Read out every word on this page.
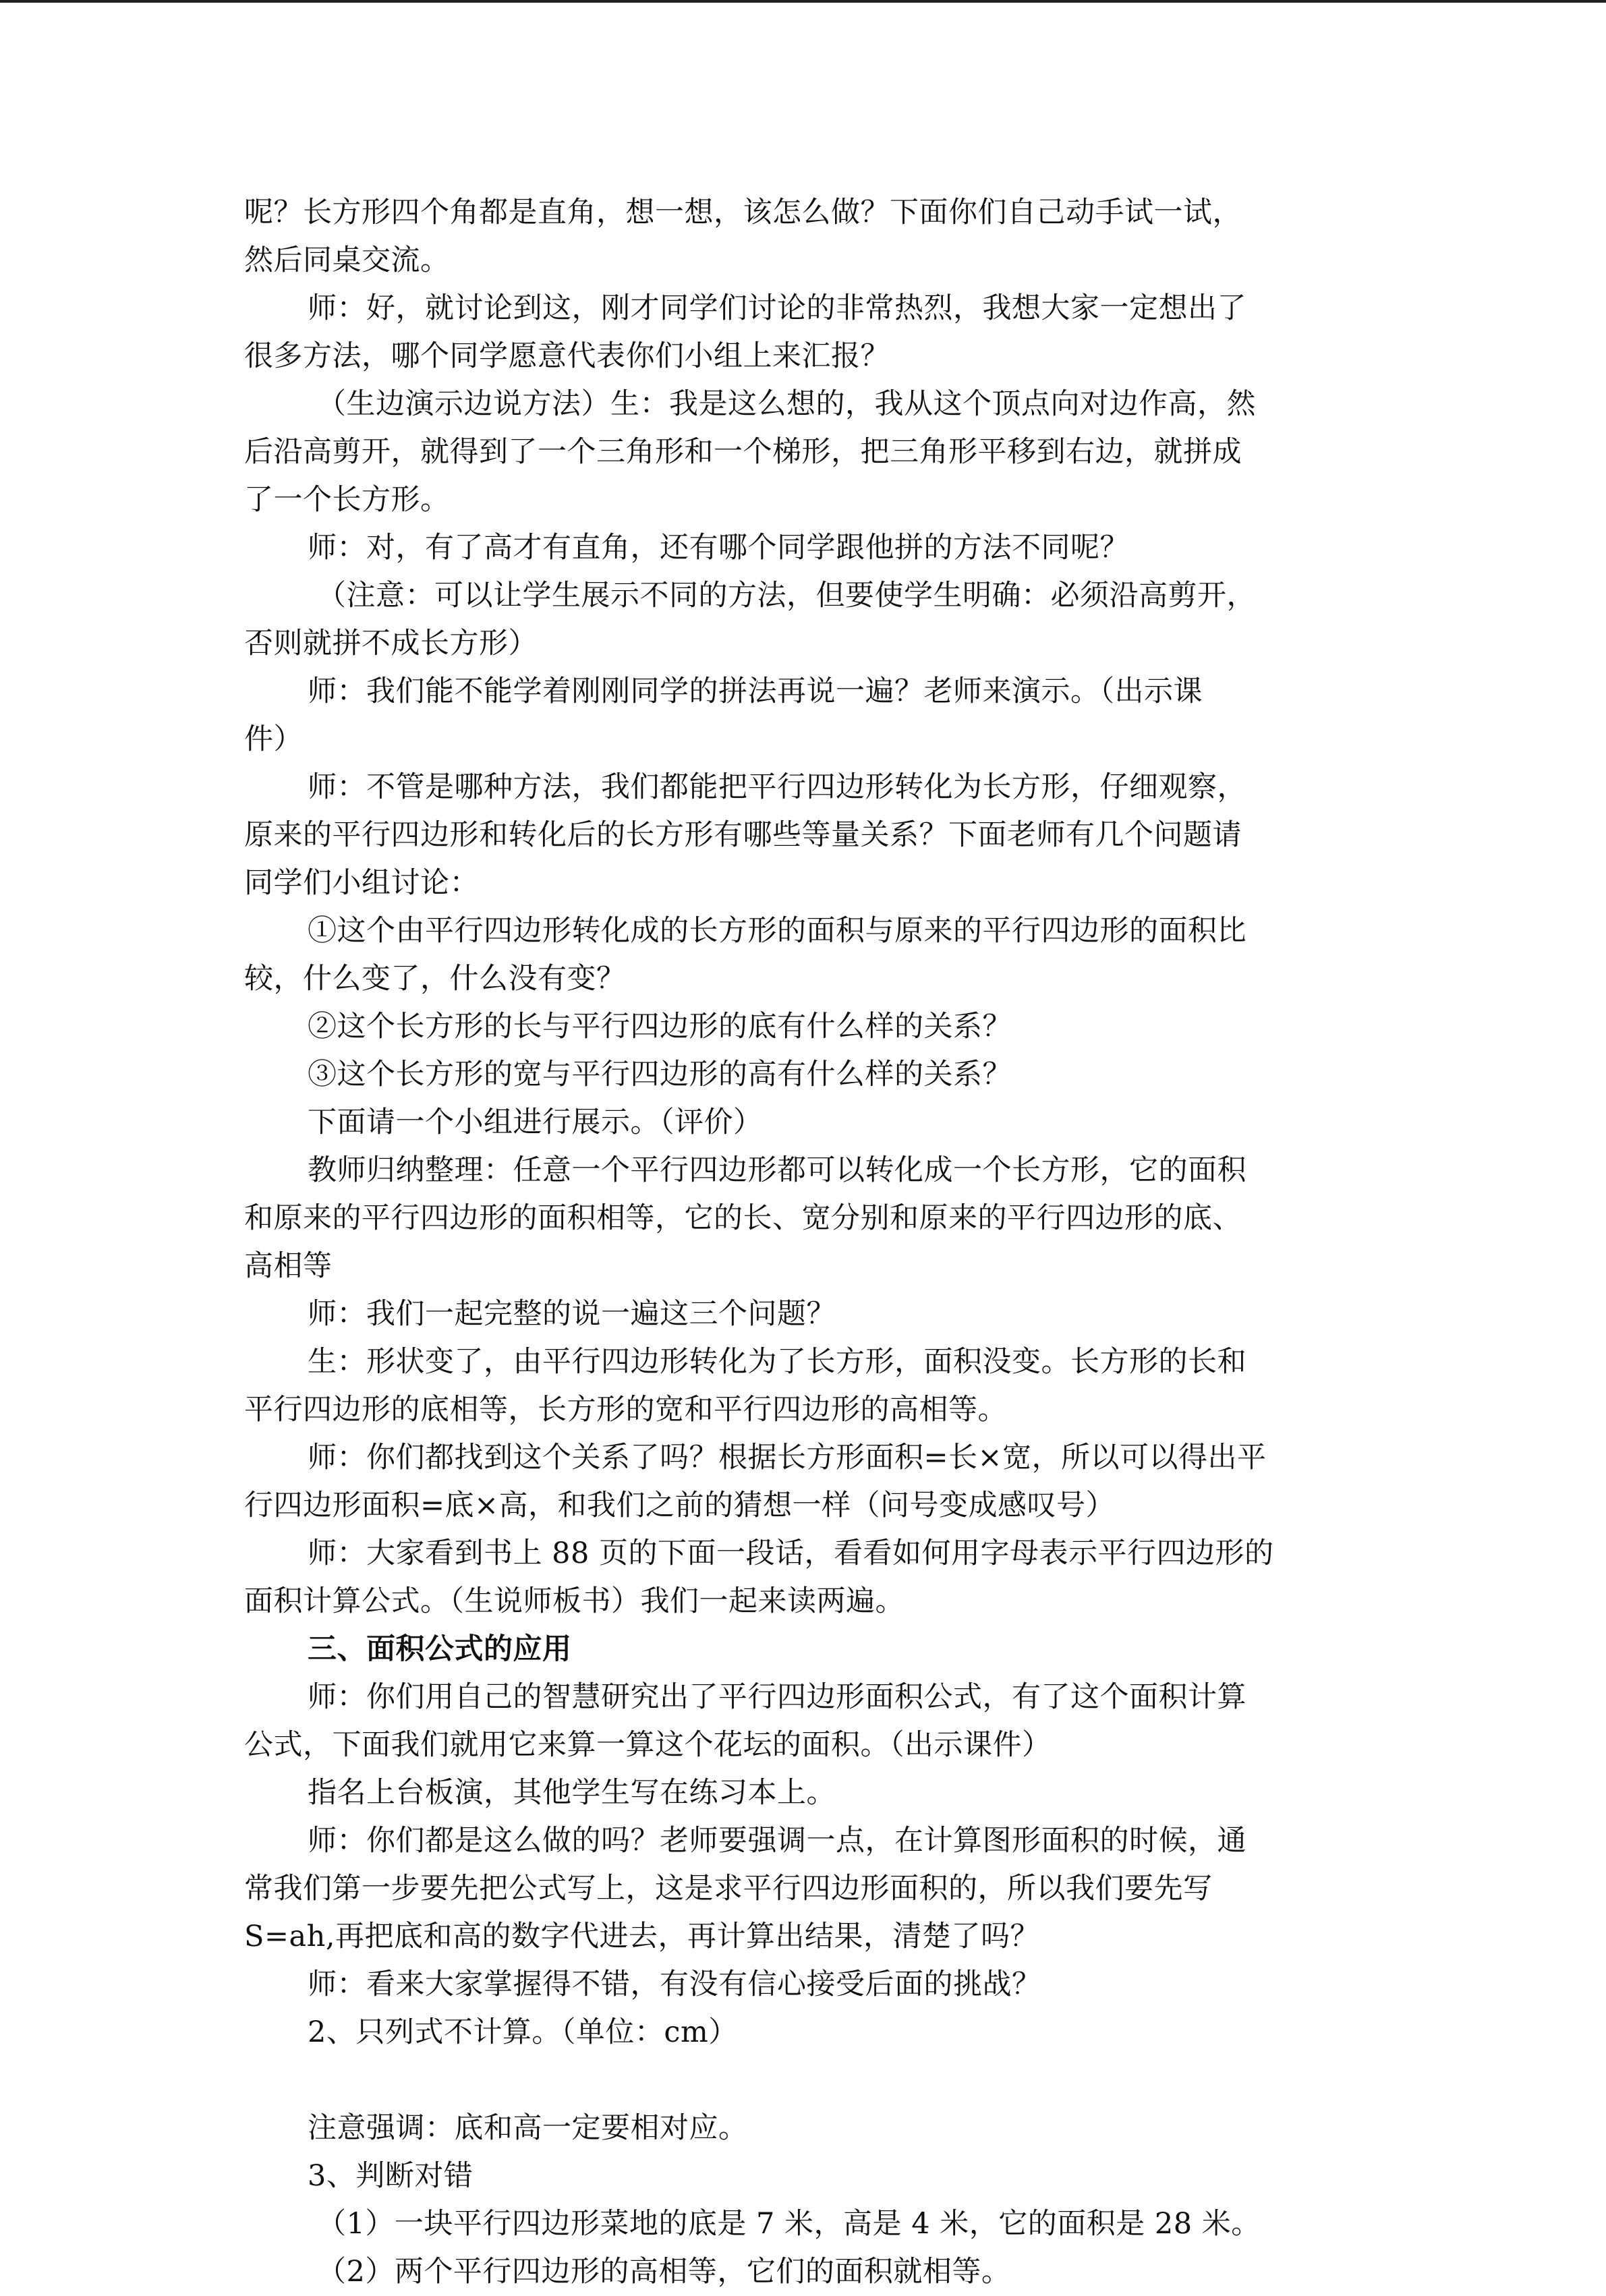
呢？长方形四个角都是直角，想一想，该怎么做？下面你们自己动手试一试，
然后同桌交流。
师：好，就讨论到这，刚才同学们讨论的非常热烈，我想大家一定想出了
很多方法，哪个同学愿意代表你们小组上来汇报？
（生边演示边说方法）生：我是这么想的，我从这个顶点向对边作高，然
后沿高剪开，就得到了一个三角形和一个梯形，把三角形平移到右边，就拼成
了一个长方形。
师：对，有了高才有直角，还有哪个同学跟他拼的方法不同呢？
（注意：可以让学生展示不同的方法，但要使学生明确：必须沿高剪开，
否则就拼不成长方形）
师：我们能不能学着刚刚同学的拼法再说一遍？老师来演示。（出示课
件）
师：不管是哪种方法，我们都能把平行四边形转化为长方形，仔细观察，
原来的平行四边形和转化后的长方形有哪些等量关系？下面老师有几个问题请
同学们小组讨论：
①这个由平行四边形转化成的长方形的面积与原来的平行四边形的面积比
较，什么变了，什么没有变？
②这个长方形的长与平行四边形的底有什么样的关系？
③这个长方形的宽与平行四边形的高有什么样的关系？
下面请一个小组进行展示。（评价）
教师归纳整理：任意一个平行四边形都可以转化成一个长方形，它的面积
和原来的平行四边形的面积相等，它的长、宽分别和原来的平行四边形的底、
高相等
师：我们一起完整的说一遍这三个问题？
生：形状变了，由平行四边形转化为了长方形，面积没变。长方形的长和
平行四边形的底相等，长方形的宽和平行四边形的高相等。
师：你们都找到这个关系了吗？根据长方形面积=长×宽，所以可以得出平
行四边形面积=底×高，和我们之前的猜想一样（问号变成感叹号）
师：大家看到书上 88 页的下面一段话，看看如何用字母表示平行四边形的
面积计算公式。（生说师板书）我们一起来读两遍。
三、面积公式的应用
师：你们用自己的智慧研究出了平行四边形面积公式，有了这个面积计算
公式，下面我们就用它来算一算这个花坛的面积。（出示课件）
指名上台板演，其他学生写在练习本上。
师：你们都是这么做的吗？老师要强调一点，在计算图形面积的时候，通
常我们第一步要先把公式写上，这是求平行四边形面积的，所以我们要先写
S=ah,再把底和高的数字代进去，再计算出结果，清楚了吗？
师：看来大家掌握得不错，有没有信心接受后面的挑战？
2、只列式不计算。（单位：cm）
注意强调：底和高一定要相对应。
3、判断对错
（1）一块平行四边形菜地的底是 7 米，高是 4 米，它的面积是 28 米。
（2）两个平行四边形的高相等，它们的面积就相等。
